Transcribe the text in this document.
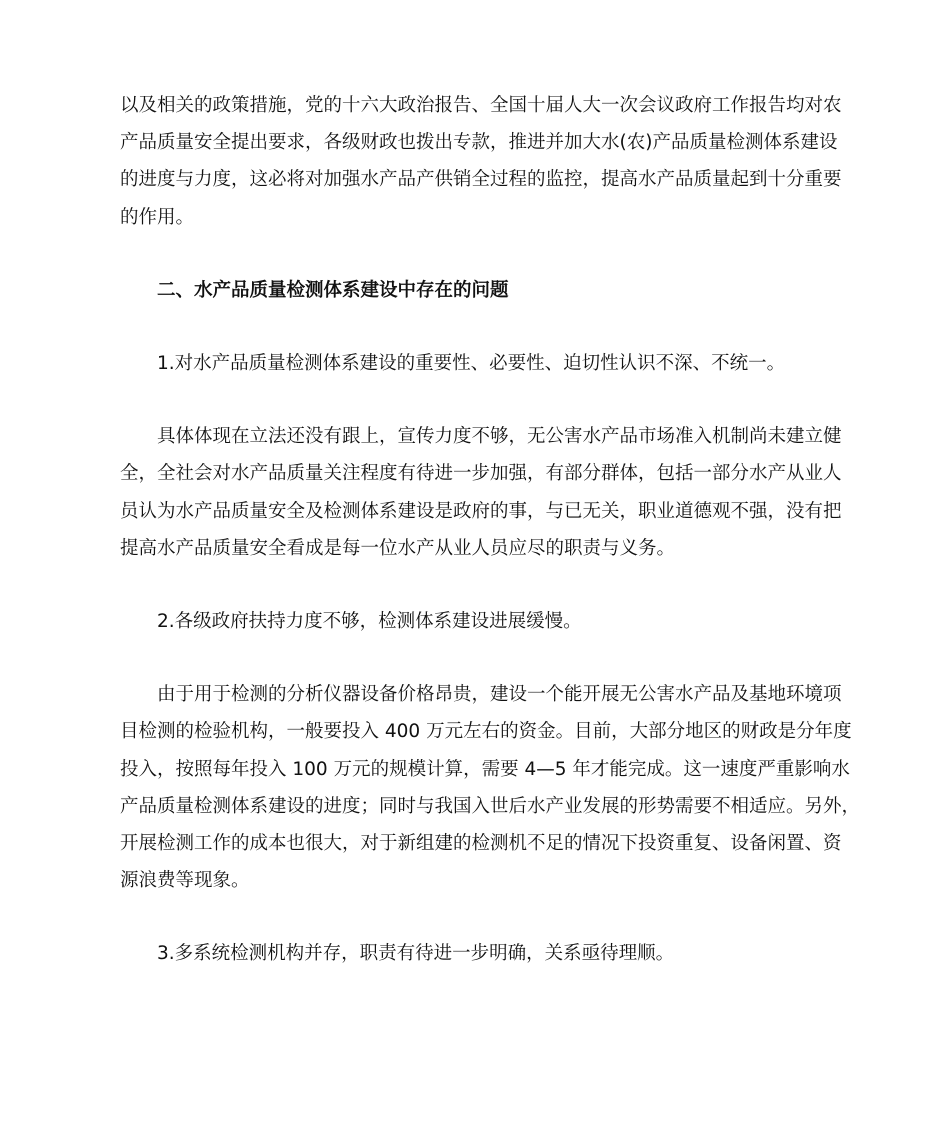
以及相关的政策措施，党的十六大政治报告、全国十届人大一次会议政府工作报告均对农
产品质量安全提出要求，各级财政也拨出专款，推进并加大水(农)产品质量检测体系建设
的进度与力度，这必将对加强水产品产供销全过程的监控，提高水产品质量起到十分重要
的作用。

二、水产品质量检测体系建设中存在的问题

1.对水产品质量检测体系建设的重要性、必要性、迫切性认识不深、不统一。

具体体现在立法还没有跟上，宣传力度不够，无公害水产品市场准入机制尚未建立健
全，全社会对水产品质量关注程度有待进一步加强，有部分群体，包括一部分水产从业人
员认为水产品质量安全及检测体系建设是政府的事，与已无关，职业道德观不强，没有把
提高水产品质量安全看成是每一位水产从业人员应尽的职责与义务。

2.各级政府扶持力度不够，检测体系建设进展缓慢。

由于用于检测的分析仪器设备价格昂贵，建设一个能开展无公害水产品及基地环境项
目检测的检验机构，一般要投入 400 万元左右的资金。目前，大部分地区的财政是分年度
投入，按照每年投入 100 万元的规模计算，需要 4—5 年才能完成。这一速度严重影响水
产品质量检测体系建设的进度；同时与我国入世后水产业发展的形势需要不相适应。另外，
开展检测工作的成本也很大，对于新组建的检测机不足的情况下投资重复、设备闲置、资
源浪费等现象。

3.多系统检测机构并存，职责有待进一步明确，关系亟待理顺。
